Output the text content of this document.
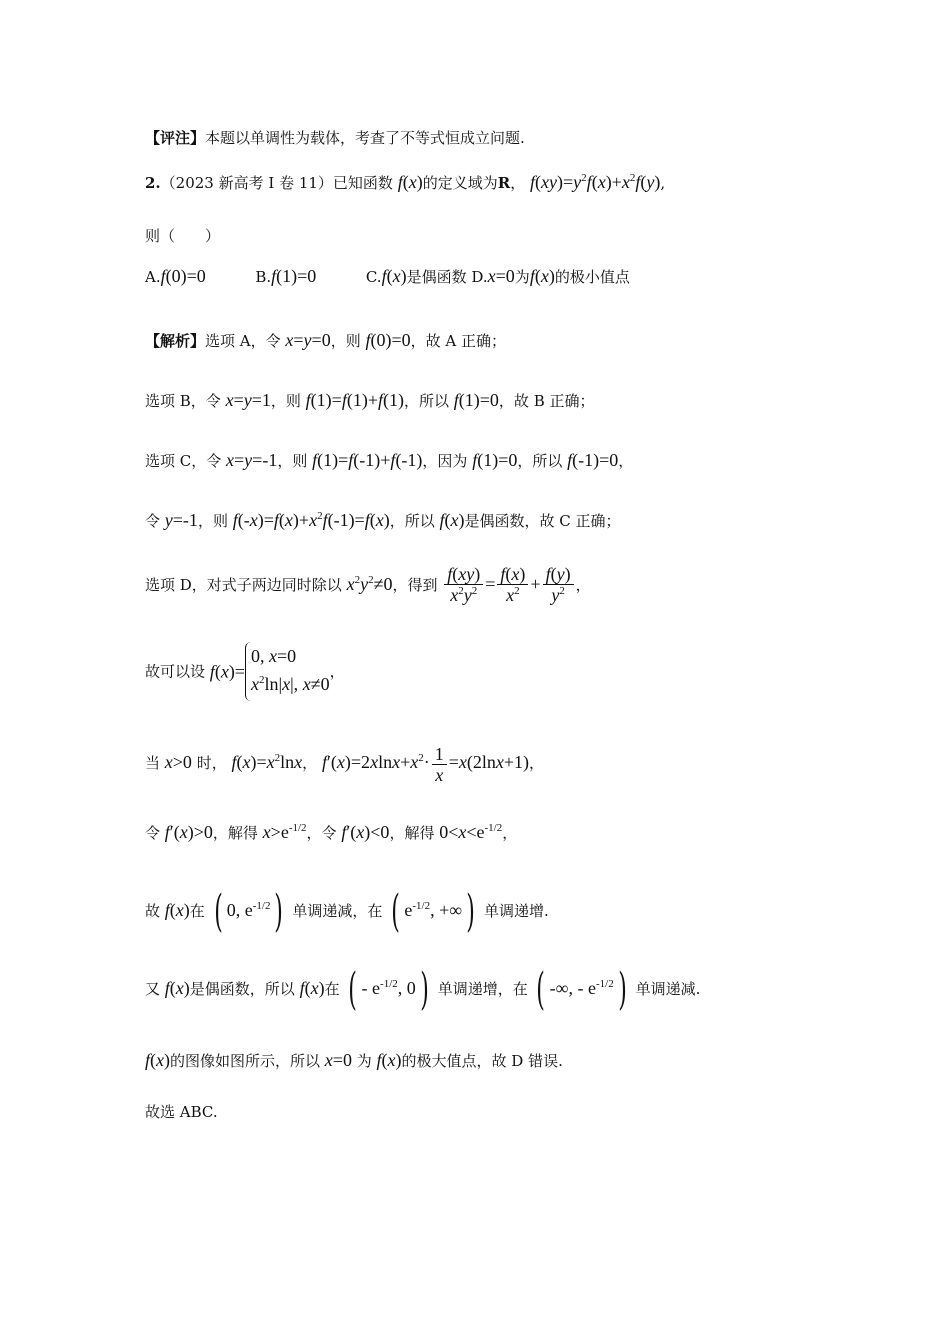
【评注】本题以单调性为载体，考查了不等式恒成立问题.
2.（2023 新高考 I 卷 11）已知函数 f(x)的定义域为R， $f(xy)=y^2f(x)+x^2f(y)$,
则（　　）
A.f(0)=0	B.f(1)=0	C.f(x)是偶函数 D.x=0为f(x)的极小值点
【解析】选项 A，令 x=y=0，则 f(0)=0，故 A 正确；
选项 B，令 x=y=1，则 f(1)=f(1)+f(1)，所以 f(1)=0，故 B 正确；
选项 C，令 x=y=-1，则 f(1)=f(-1)+f(-1)，因为 f(1)=0，所以 f(-1)=0，
令 y=-1，则 $f(-x)=f(x)+x^2f(-1)=f(x)$，所以 f(x)是偶函数，故 C 正确；
选项 D，对式子两边同时除以 $x^2y^2\ne 0$，得到 $\frac{f(xy)}{x^2y^2} = \frac{f(x)}{x^2} + \frac{f(y)}{y^2}$ ，
故可以设 f(x)=0, x=0
$x^2\ln|x|$, x≠0，
当 x>0 时， $f(x)=x^2\ln x$， $f'(x)=2xlnx+x^2\cdot \frac{1}{x} =x(2\ln x+1)$，
令 f′(x)>0，解得 $x>e^{-1/2}$，令 f′(x)<0，解得 $0<x<e^{-1/2}$，
故 f(x)在 ( 0, $e^{-1/2}$) 单调递减，在 ( $e^{-1/2}$, +∞) 单调递增.
又 f(x)是偶函数，所以 f(x)在 ( - $e^{-1/2}$, 0) 单调递增，在 ( -∞, - $e^{-1/2}$) 单调递减.
f(x)的图像如图所示，所以 x=0 为 f(x)的极大值点，故 D 错误.
故选 ABC.
